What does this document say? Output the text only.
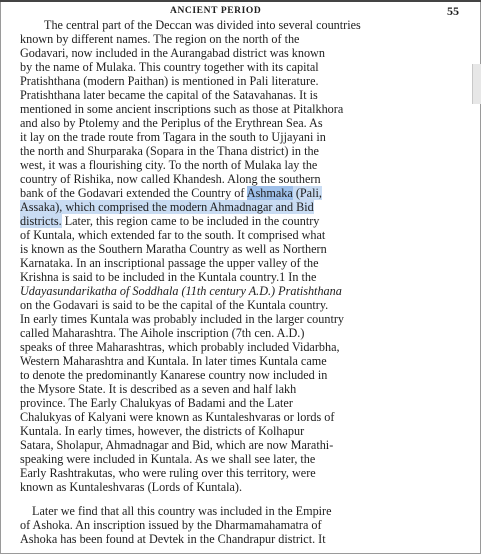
ANCIENT PERIOD	55
The central part of the Deccan was divided into several countries
known by different names. The region on the north of the
Godavari, now included in the Aurangabad district was known
by the name of Mulaka. This country together with its capital
Pratishthana (modern Paithan) is mentioned in Pali literature.
Pratishthana later became the capital of the Satavahanas. It is
mentioned in some ancient inscriptions such as those at Pitalkhora
and also by Ptolemy and the Periplus of the Erythrean Sea. As
it lay on the trade route from Tagara in the south to Ujjayani in
the north and Shurparaka (Sopara in the Thana district) in the
west, it was a flourishing city. To the north of Mulaka lay the
country of Rishika, now called Khandesh. Along the southern
bank of the Godavari extended the Country of Ashmaka (Pali,
Assaka), which comprised the modern Ahmadnagar and Bid
districts. Later, this region came to be included in the country
of Kuntala, which extended far to the south. It comprised what
is known as the Southern Maratha Country as well as Northern
Karnataka. In an inscriptional passage the upper valley of the
Krishna is said to be included in the Kuntala country.1 In the
Udayasundarikatha of Soddhala (11th century A.D.) Pratishthana
on the Godavari is said to be the capital of the Kuntala country.
In early times Kuntala was probably included in the larger country
called Maharashtra. The Aihole inscription (7th cen. A.D.)
speaks of three Maharashtras, which probably included Vidarbha,
Western Maharashtra and Kuntala. In later times Kuntala came
to denote the predominantly Kanarese country now included in
the Mysore State. It is described as a seven and half lakh
province. The Early Chalukyas of Badami and the Later
Chalukyas of Kalyani were known as Kuntaleshvaras or lords of
Kuntala. In early times, however, the districts of Kolhapur
Satara, Sholapur, Ahmadnagar and Bid, which are now Marathi-
speaking were included in Kuntala. As we shall see later, the
Early Rashtrakutas, who were ruling over this territory, were
known as Kuntaleshvaras (Lords of Kuntala).
Later we find that all this country was included in the Empire
of Ashoka. An inscription issued by the Dharmamahamatra of
Ashoka has been found at Devtek in the Chandrapur district. It
